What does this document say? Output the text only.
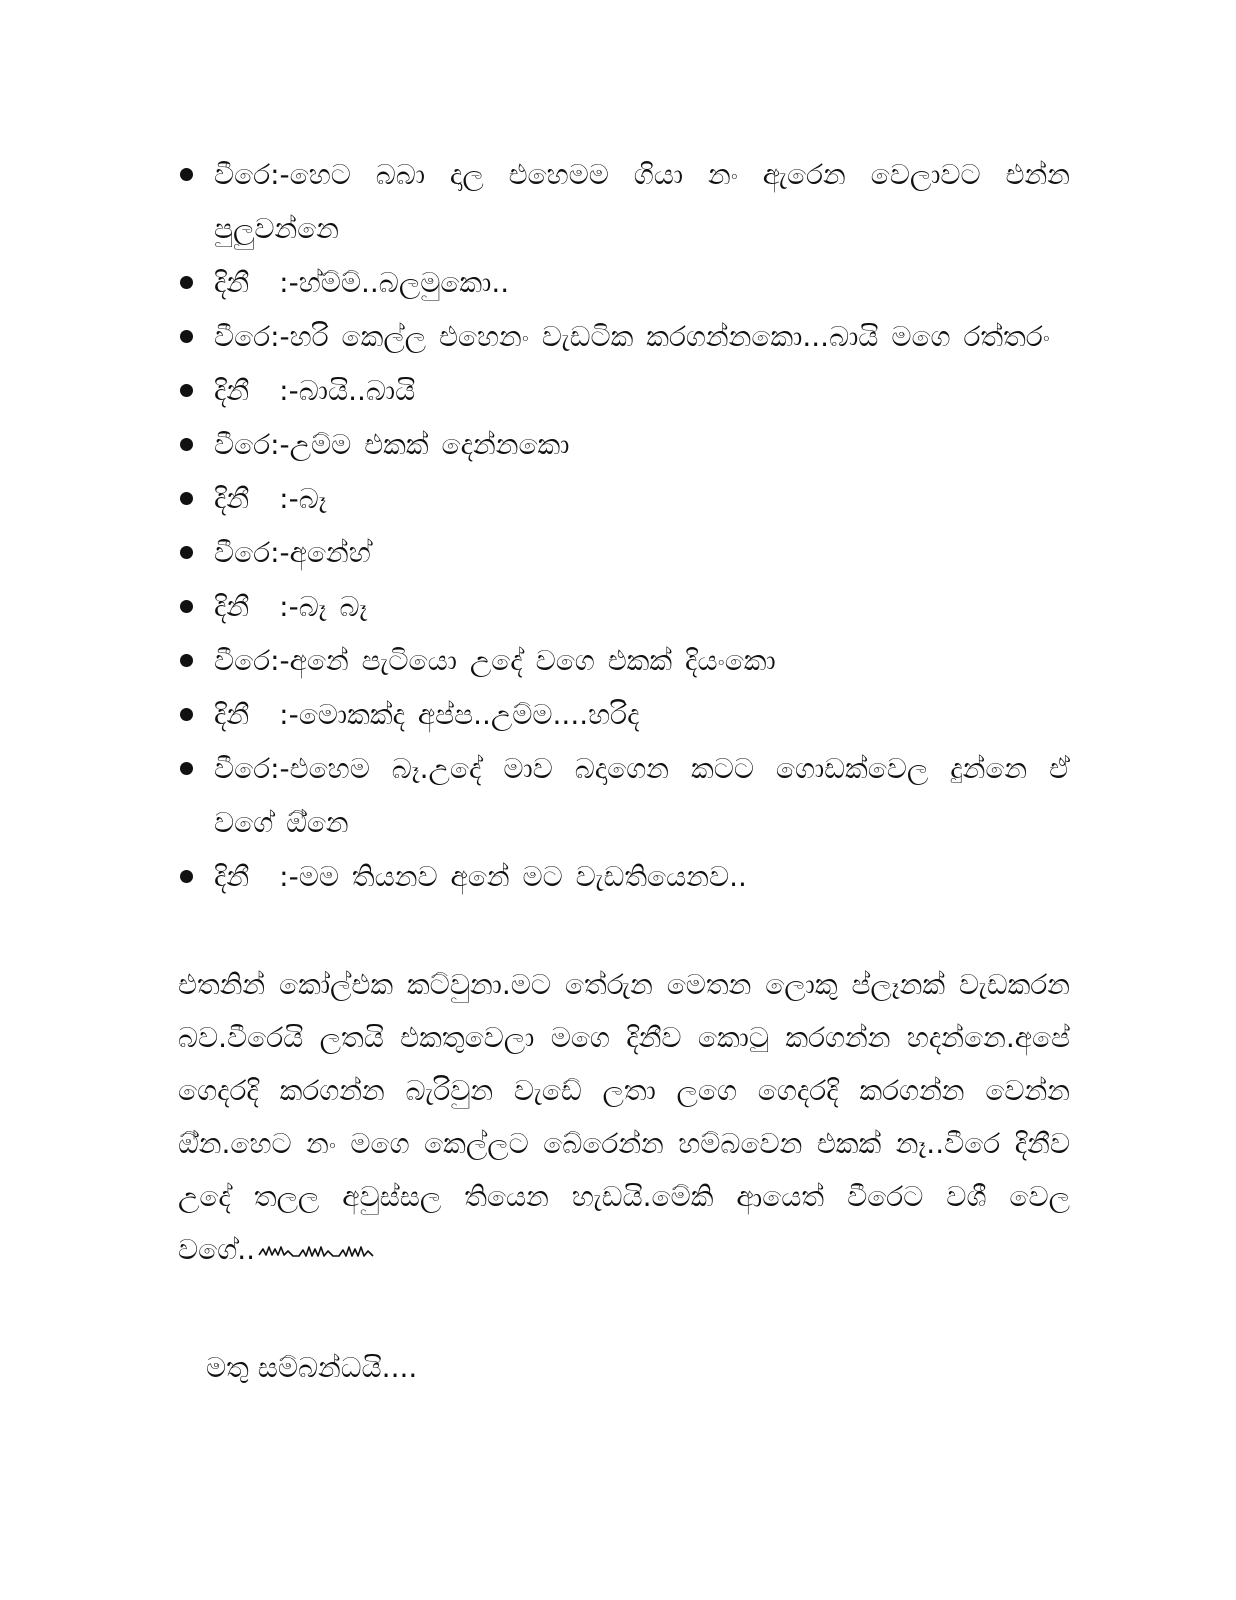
වීරෙ:-හෙට බබා දාල එහෙමම ගියා නං ඇරෙන වෙලාවට එන්න පුලුවන්නෙ
දිනී :-හ්ම්ම්..බලමුකො..
වීරෙ:-හරි කෙල්ල එහෙනං වැඩටික කරගන්නකො...බායි මගෙ රත්තරං
දිනී :-බායි..බායි
වීරෙ:-උම්ම එකක් දෙන්නකො
දිනී :-බෑ
වීරෙ:-අනේහ්
දිනී :-බෑ බෑ
වීරෙ:-අනේ පැටියො උදේ වගෙ එකක් දියංකො
දිනී :-මොකක්ද අප්ප..උම්ම....හරිද
වීරෙ:-එහෙම බෑ.උදේ මාව බදාගෙන කටට ගොඩක්වෙල දුන්නෙ ඒ වගේ ඕ්නෙ
දිනී :-මම තියනව අනේ මට වැඩතියෙනව..

එතනින් කෝල්එක කට්වුනා.මට තේරුන මෙතන ලොකු ප්ලෑනක් වැඩකරන බව.වීරෙයි ලතයි එකතුවෙලා මගෙ දිනීව කොටු කරගන්න හදන්නෙ.අපේ ගෙදරදි කරගන්න බැරිවුන වැඩේ ලතා ලගෙ ගෙදරදි කරගන්න වෙන්න ඕ්න.හෙට නං මගෙ කෙල්ලට බේරෙන්න හම්බවෙන එකක් නෑ..වීරෙ දිනීව උදේ තලල අවුස්සල තියෙන හැඩයි.මේකි ආයෙත් වීරෙට වශී වෙල වගේ..

මතු සම්බන්ධයි....
